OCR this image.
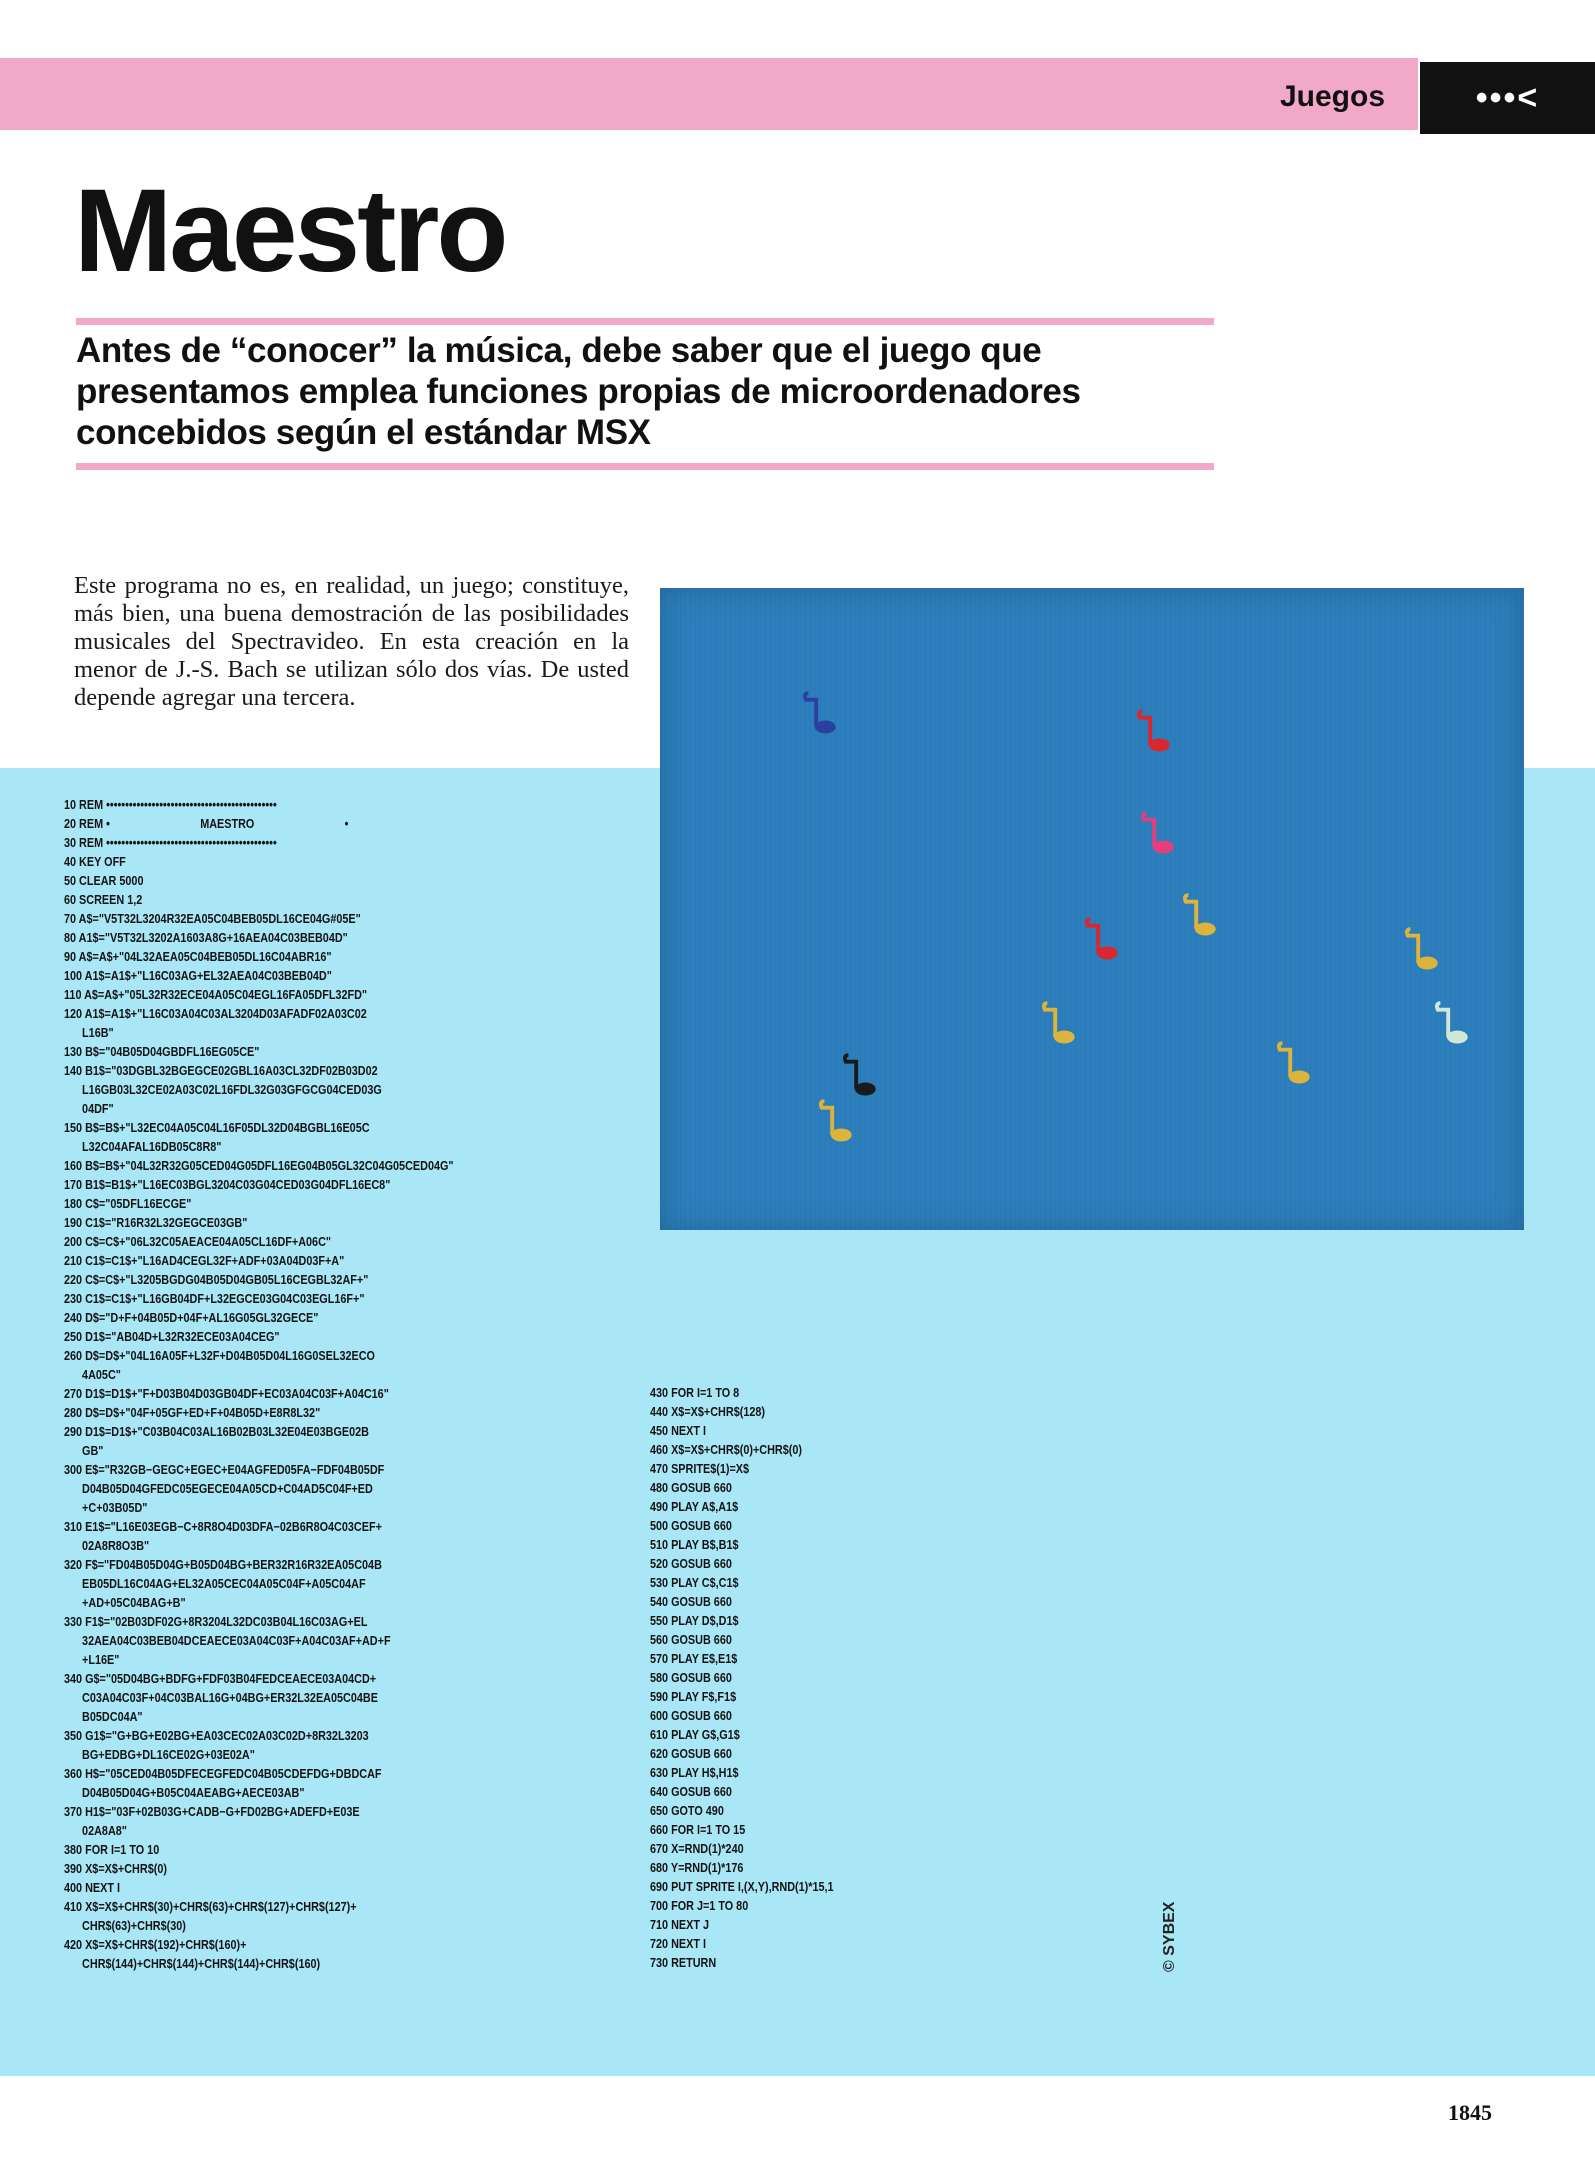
Juegos	•••<
Maestro

Antes de “conocer” la música, debe saber que el juego que presentamos emplea funciones propias de microordenadores concebidos según el estándar MSX

Este programa no es, en realidad, un juego; constituye, más bien, una buena demostración de las posibilidades musicales del Spectravideo. En esta creación en la menor de J.-S. Bach se utilizan sólo dos vías. De usted depende agregar una tercera.

10 REM •••••••••••••••••••••••••••••••••••••••••••••
20 REM •                              MAESTRO                              •
30 REM •••••••••••••••••••••••••••••••••••••••••••••
40 KEY OFF
50 CLEAR 5000
60 SCREEN 1,2
70 A$="V5T32L3204R32EA05C04BEB05DL16CE04G#05E"
80 A1$="V5T32L3202A1603A8G+16AEA04C03BEB04D"
90 A$=A$+"04L32AEA05C04BEB05DL16C04ABR16"
100 A1$=A1$+"L16C03AG+EL32AEA04C03BEB04D"
110 A$=A$+"05L32R32ECE04A05C04EGL16FA05DFL32FD"
120 A1$=A1$+"L16C03A04C03AL3204D03AFADF02A03C02
L16B"
130 B$="04B05D04GBDFL16EG05CE"
140 B1$="03DGBL32BGEGCE02GBL16A03CL32DF02B03D02
L16GB03L32CE02A03C02L16FDL32G03GFGCG04CED03G
04DF"
150 B$=B$+"L32EC04A05C04L16F05DL32D04BGBL16E05C
L32C04AFAL16DB05C8R8"
160 B$=B$+"04L32R32G05CED04G05DFL16EG04B05GL32C04G05CED04G"
170 B1$=B1$+"L16EC03BGL3204C03G04CED03G04DFL16EC8"
180 C$="05DFL16ECGE"
190 C1$="R16R32L32GEGCE03GB"
200 C$=C$+"06L32C05AEACE04A05CL16DF+A06C"
210 C1$=C1$+"L16AD4CEGL32F+ADF+03A04D03F+A"
220 C$=C$+"L3205BGDG04B05D04GB05L16CEGBL32AF+"
230 C1$=C1$+"L16GB04DF+L32EGCE03G04C03EGL16F+"
240 D$="D+F+04B05D+04F+AL16G05GL32GECE"
250 D1$="AB04D+L32R32ECE03A04CEG"
260 D$=D$+"04L16A05F+L32F+D04B05D04L16G0SEL32ECO
4A05C"
270 D1$=D1$+"F+D03B04D03GB04DF+EC03A04C03F+A04C16"
280 D$=D$+"04F+05GF+ED+F+04B05D+E8R8L32"
290 D1$=D1$+"C03B04C03AL16B02B03L32E04E03BGE02B
GB"
300 E$="R32GB−GEGC+EGEC+E04AGFED05FA−FDF04B05DF
D04B05D04GFEDC05EGECE04A05CD+C04AD5C04F+ED
+C+03B05D"
310 E1$="L16E03EGB−C+8R8O4D03DFA−02B6R8O4C03CEF+
02A8R8O3B"
320 F$="FD04B05D04G+B05D04BG+BER32R16R32EA05C04B
EB05DL16C04AG+EL32A05CEC04A05C04F+A05C04AF
+AD+05C04BAG+B"
330 F1$="02B03DF02G+8R3204L32DC03B04L16C03AG+EL
32AEA04C03BEB04DCEAECE03A04C03F+A04C03AF+AD+F
+L16E"
340 G$="05D04BG+BDFG+FDF03B04FEDCEAECE03A04CD+
C03A04C03F+04C03BAL16G+04BG+ER32L32EA05C04BE
B05DC04A"
350 G1$="G+BG+E02BG+EA03CEC02A03C02D+8R32L3203
BG+EDBG+DL16CE02G+03E02A"
360 H$="05CED04B05DFECEGFEDC04B05CDEFDG+DBDCAF
D04B05D04G+B05C04AEABG+AECE03AB"
370 H1$="03F+02B03G+CADB−G+FD02BG+ADEFD+E03E
02A8A8"
380 FOR I=1 TO 10
390 X$=X$+CHR$(0)
400 NEXT I
410 X$=X$+CHR$(30)+CHR$(63)+CHR$(127)+CHR$(127)+
CHR$(63)+CHR$(30)
420 X$=X$+CHR$(192)+CHR$(160)+
CHR$(144)+CHR$(144)+CHR$(144)+CHR$(160)
430 FOR I=1 TO 8
440 X$=X$+CHR$(128)
450 NEXT I
460 X$=X$+CHR$(0)+CHR$(0)
470 SPRITE$(1)=X$
480 GOSUB 660
490 PLAY A$,A1$
500 GOSUB 660
510 PLAY B$,B1$
520 GOSUB 660
530 PLAY C$,C1$
540 GOSUB 660
550 PLAY D$,D1$
560 GOSUB 660
570 PLAY E$,E1$
580 GOSUB 660
590 PLAY F$,F1$
600 GOSUB 660
610 PLAY G$,G1$
620 GOSUB 660
630 PLAY H$,H1$
640 GOSUB 660
650 GOTO 490
660 FOR I=1 TO 15
670 X=RND(1)*240
680 Y=RND(1)*176
690 PUT SPRITE I,(X,Y),RND(1)*15,1
700 FOR J=1 TO 80
710 NEXT J
720 NEXT I
730 RETURN	© SYBEX
1845
